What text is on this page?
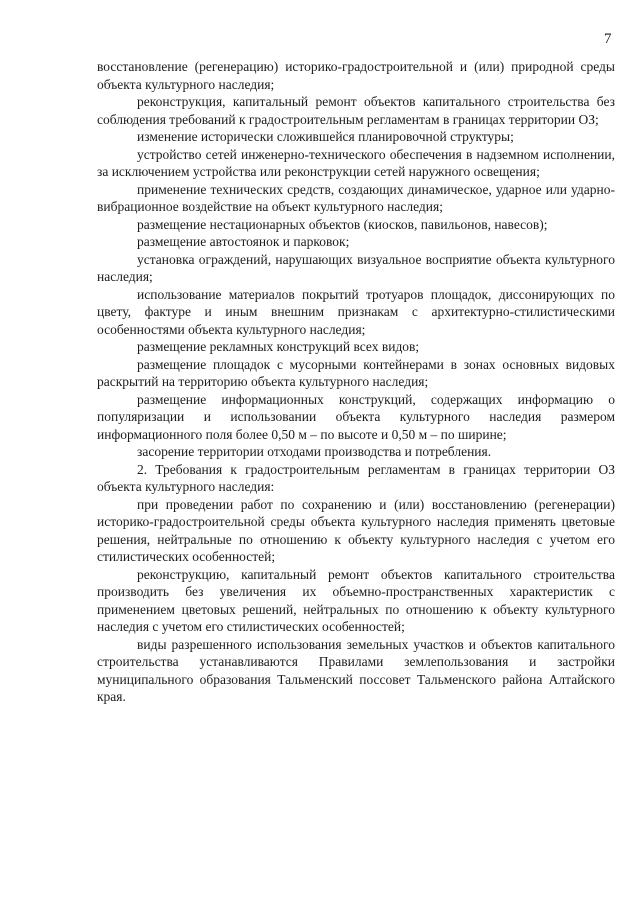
7

восстановление (регенерацию) историко-градостроительной и (или) природной среды объекта культурного наследия;

реконструкция, капитальный ремонт объектов капитального строительства без соблюдения требований к градостроительным регламентам в границах территории ОЗ;

изменение исторически сложившейся планировочной структуры;

устройство сетей инженерно-технического обеспечения в надземном исполнении, за исключением устройства или реконструкции сетей наружного освещения;

применение технических средств, создающих динамическое, ударное или ударно-вибрационное воздействие на объект культурного наследия;

размещение нестационарных объектов (киосков, павильонов, навесов);

размещение автостоянок и парковок;

установка ограждений, нарушающих визуальное восприятие объекта культурного наследия;

использование материалов покрытий тротуаров площадок, диссонирующих по цвету, фактуре и иным внешним признакам с архитектурно-стилистическими особенностями объекта культурного наследия;

размещение рекламных конструкций всех видов;

размещение площадок с мусорными контейнерами в зонах основных видовых раскрытий на территорию объекта культурного наследия;

размещение информационных конструкций, содержащих информацию о популяризации и использовании объекта культурного наследия размером информационного поля более 0,50 м – по высоте и 0,50 м – по ширине;

засорение территории отходами производства и потребления.

2. Требования к градостроительным регламентам в границах территории ОЗ объекта культурного наследия:

при проведении работ по сохранению и (или) восстановлению (регенерации) историко-градостроительной среды объекта культурного наследия применять цветовые решения, нейтральные по отношению к объекту культурного наследия с учетом его стилистических особенностей;

реконструкцию, капитальный ремонт объектов капитального строительства производить без увеличения их объемно-пространственных характеристик с применением цветовых решений, нейтральных по отношению к объекту культурного наследия с учетом его стилистических особенностей;

виды разрешенного использования земельных участков и объектов капитального строительства устанавливаются Правилами землепользования и застройки муниципального образования Тальменский поссовет Тальменского района Алтайского края.
